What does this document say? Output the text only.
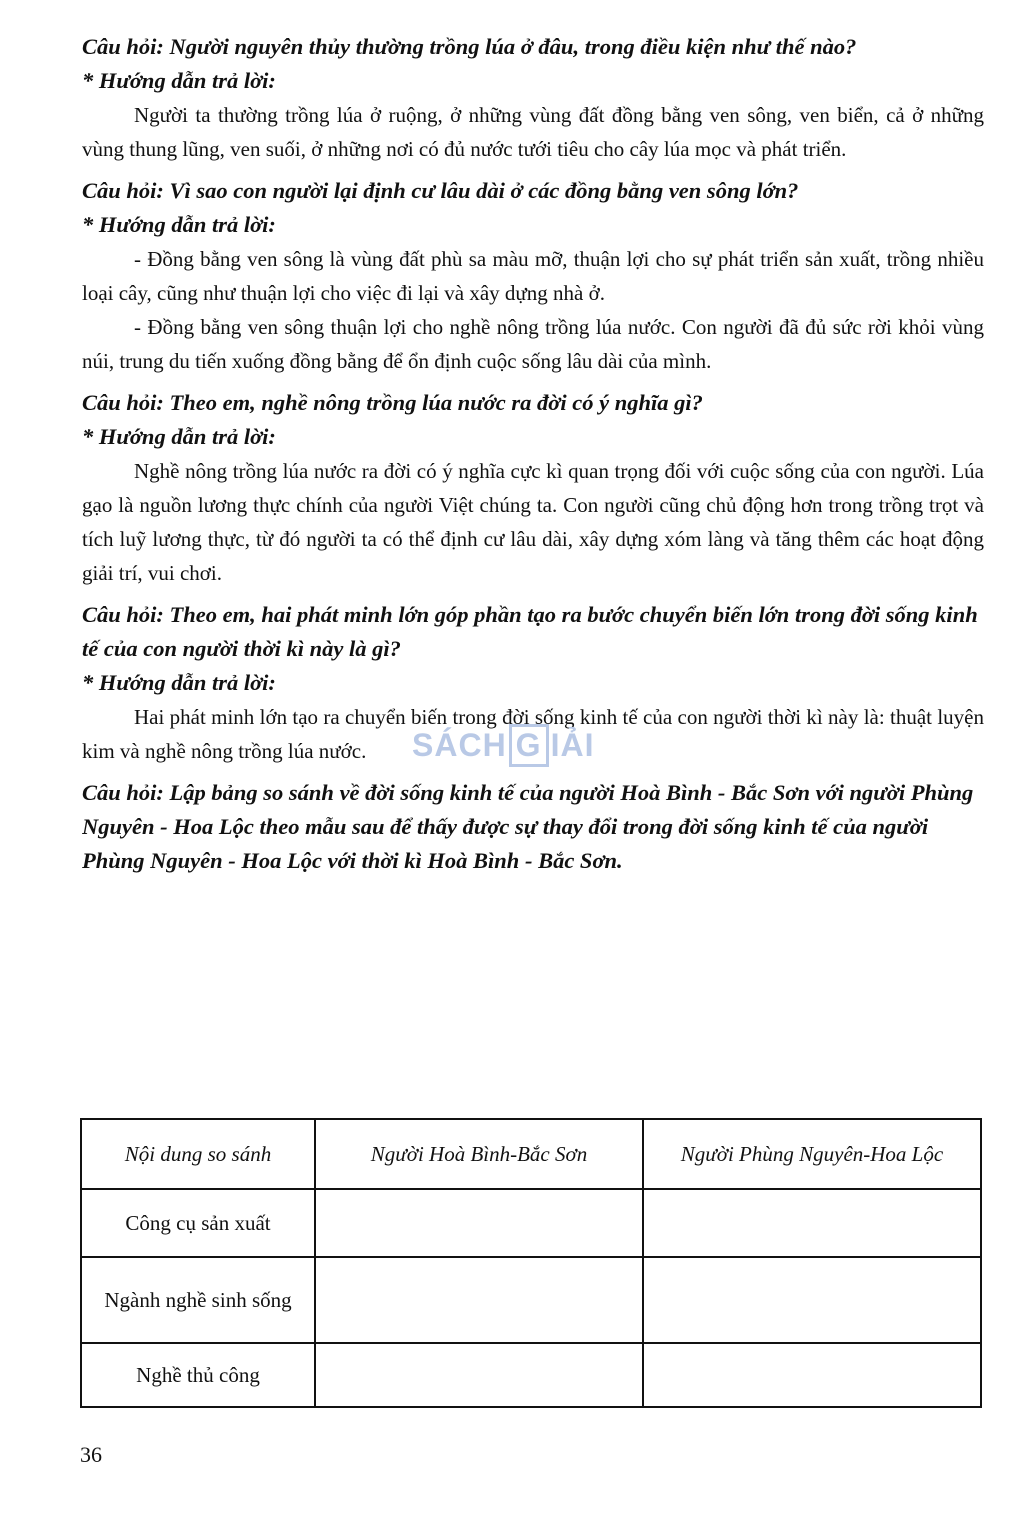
Câu hỏi: Người nguyên thủy thường trồng lúa ở đâu, trong điều kiện như thế nào?

* Hướng dẫn trả lời:

Người ta thường trồng lúa ở ruộng, ở những vùng đất đồng bằng ven sông, ven biển, cả ở những vùng thung lũng, ven suối, ở những nơi có đủ nước tưới tiêu cho cây lúa mọc và phát triển.

Câu hỏi: Vì sao con người lại định cư lâu dài ở các đồng bằng ven sông lớn?

* Hướng dẫn trả lời:

- Đồng bằng ven sông là vùng đất phù sa màu mỡ, thuận lợi cho sự phát triển sản xuất, trồng nhiều loại cây, cũng như thuận lợi cho việc đi lại và xây dựng nhà ở.

- Đồng bằng ven sông thuận lợi cho nghề nông trồng lúa nước. Con người đã đủ sức rời khỏi vùng núi, trung du tiến xuống đồng bằng để ổn định cuộc sống lâu dài của mình.

Câu hỏi: Theo em, nghề nông trồng lúa nước ra đời có ý nghĩa gì?

* Hướng dẫn trả lời:

Nghề nông trồng lúa nước ra đời có ý nghĩa cực kì quan trọng đối với cuộc sống của con người. Lúa gạo là nguồn lương thực chính của người Việt chúng ta. Con người cũng chủ động hơn trong trồng trọt và tích luỹ lương thực, từ đó người ta có thể định cư lâu dài, xây dựng xóm làng và tăng thêm các hoạt động giải trí, vui chơi.

Câu hỏi: Theo em, hai phát minh lớn góp phần tạo ra bước chuyển biến lớn trong đời sống kinh tế của con người thời kì này là gì?

* Hướng dẫn trả lời:

Hai phát minh lớn tạo ra chuyển biến trong đời sống kinh tế của con người thời kì này là: thuật luyện kim và nghề nông trồng lúa nước.

Câu hỏi: Lập bảng so sánh về đời sống kinh tế của người Hoà Bình - Bắc Sơn với người Phùng Nguyên - Hoa Lộc theo mẫu sau để thấy được sự thay đổi trong đời sống kinh tế của người Phùng Nguyên - Hoa Lộc với thời kì Hoà Bình - Bắc Sơn.

SÁCH G IẢI
Nội dung so sánh	Người Hoà Bình-Bắc Sơn	Người Phùng Nguyên-Hoa Lộc
Công cụ sản xuất		
Ngành nghề sinh sống		
Nghề thủ công		
36
